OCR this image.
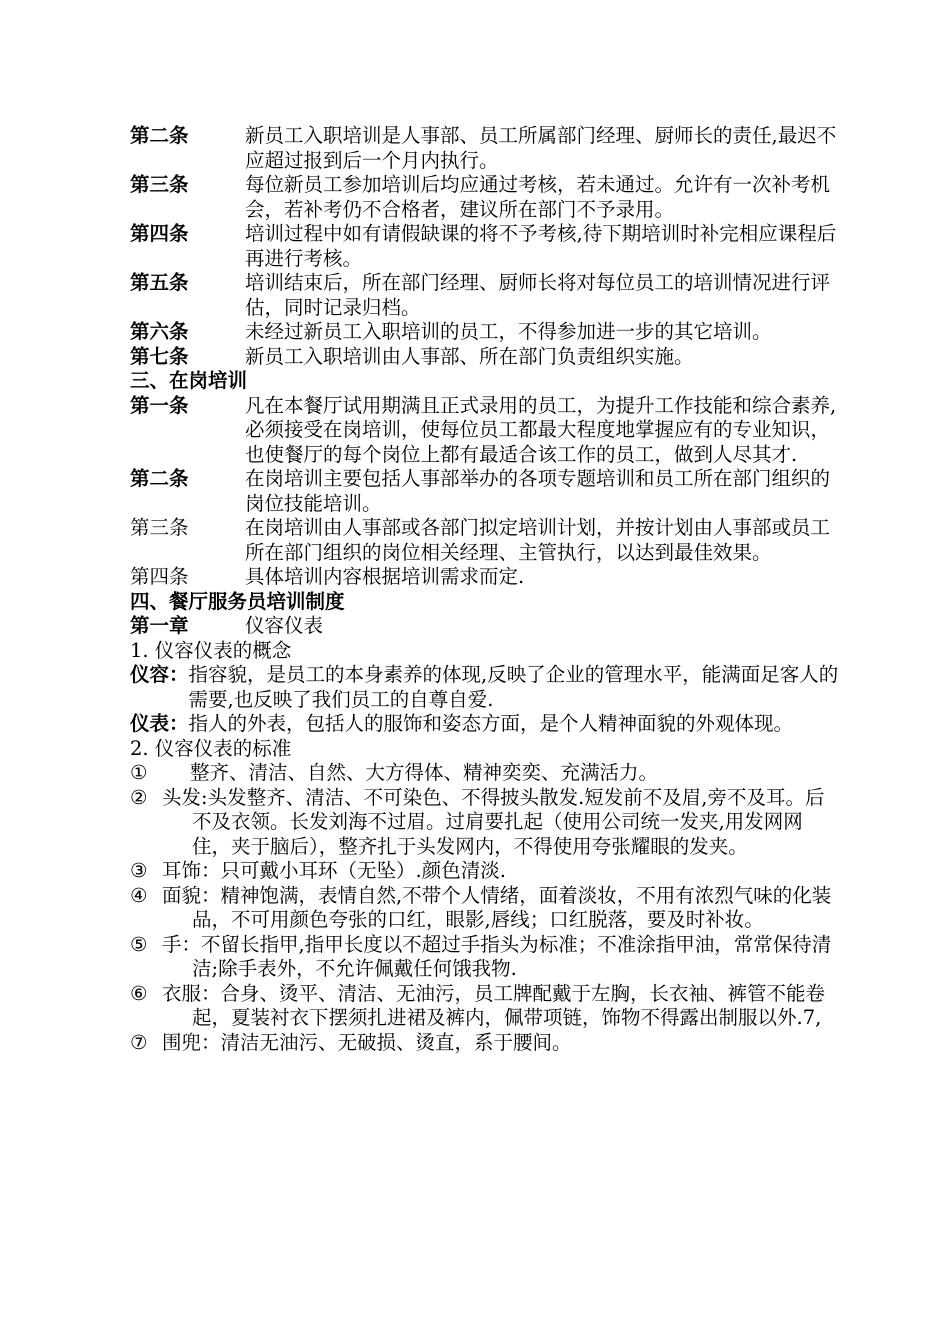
第二条	新员工入职培训是人事部、员工所属部门经理、厨师长的责任,最迟不应超过报到后一个月内执行。
第三条	每位新员工参加培训后均应通过考核，若未通过。允许有一次补考机会，若补考仍不合格者，建议所在部门不予录用。
第四条	培训过程中如有请假缺课的将不予考核,待下期培训时补完相应课程后再进行考核。
第五条	培训结束后，所在部门经理、厨师长将对每位员工的培训情况进行评估，同时记录归档。
第六条	未经过新员工入职培训的员工，不得参加进一步的其它培训。
第七条	新员工入职培训由人事部、所在部门负责组织实施。
三、在岗培训
第一条	凡在本餐厅试用期满且正式录用的员工，为提升工作技能和综合素养,必须接受在岗培训，使每位员工都最大程度地掌握应有的专业知识，也使餐厅的每个岗位上都有最适合该工作的员工，做到人尽其才.
第二条	在岗培训主要包括人事部举办的各项专题培训和员工所在部门组织的岗位技能培训。
第三条	在岗培训由人事部或各部门拟定培训计划，并按计划由人事部或员工所在部门组织的岗位相关经理、主管执行，以达到最佳效果。
第四条	具体培训内容根据培训需求而定.
四、餐厅服务员培训制度
第一章	仪容仪表
1. 仪容仪表的概念
仪容： 指容貌，是员工的本身素养的体现,反映了企业的管理水平，能满面足客人的需要,也反映了我们员工的自尊自爱.
仪表： 指人的外表，包括人的服饰和姿态方面，是个人精神面貌的外观体现。
2. 仪容仪表的标准
①	整齐、清洁、自然、大方得体、精神奕奕、充满活力。
② 头发:头发整齐、清洁、不可染色、不得披头散发.短发前不及眉,旁不及耳。后不及衣领。长发刘海不过眉。过肩要扎起（使用公司统一发夹,用发网网住，夹于脑后），整齐扎于头发网内，不得使用夸张耀眼的发夹。
③ 耳饰：只可戴小耳环（无坠）.颜色清淡.
④ 面貌：精神饱满，表情自然,不带个人情绪，面着淡妆，不用有浓烈气味的化装品，不可用颜色夸张的口红，眼影,唇线；口红脱落，要及时补妆。
⑤ 手：不留长指甲,指甲长度以不超过手指头为标准；不准涂指甲油，常常保待清洁;除手表外，不允许佩戴任何饿我物.
⑥ 衣服：合身、烫平、清洁、无油污，员工牌配戴于左胸，长衣袖、裤管不能卷起，夏装衬衣下摆须扎进裙及裤内，佩带项链，饰物不得露出制服以外.7,
⑦ 围兜：清洁无油污、无破损、烫直，系于腰间。
